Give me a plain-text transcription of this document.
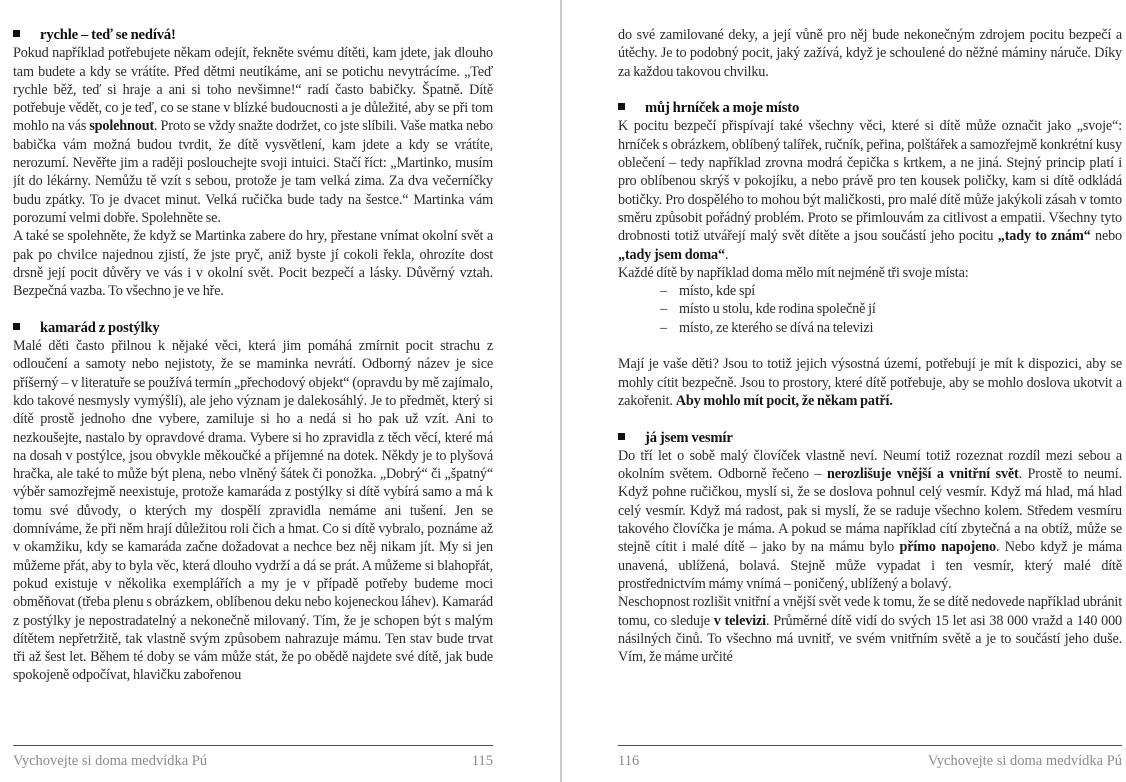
rychle – teď se nedívá!

Pokud například potřebujete někam odejít, řekněte svému dítěti, kam jdete, jak dlouho tam budete a kdy se vrátíte. Před dětmi neutíkáme, ani se potichu nevytrácíme. „Teď rychle běž, teď si hraje a ani si toho nevšimne!“ radí často babičky. Špatně. Dítě potřebuje vědět, co je teď, co se stane v blízké budoucnosti a je důležité, aby se při tom mohlo na vás spolehnout. Proto se vždy snažte dodržet, co jste slíbili. Vaše matka nebo babička vám možná budou tvrdit, že dítě vysvětlení, kam jdete a kdy se vrátíte, nerozumí. Nevěřte jim a raději poslouchejte svoji intuici. Stačí říct: „Martinko, musím jít do lékárny. Nemůžu tě vzít s sebou, protože je tam velká zima. Za dva večerníčky budu zpátky. To je dvacet minut. Velká ručička bude tady na šestce.“ Martinka vám porozumí velmi dobře. Spolehněte se.

A také se spolehněte, že když se Martinka zabere do hry, přestane vnímat okolní svět a pak po chvilce najednou zjistí, že jste pryč, aniž byste jí cokoli řekla, ohrozíte dost drsně její pocit důvěry ve vás i v okolní svět. Pocit bezpečí a lásky. Důvěrný vztah. Bezpečná vazba. To všechno je ve hře.

kamarád z postýlky

Malé děti často přilnou k nějaké věci, která jim pomáhá zmírnit pocit strachu z odloučení a samoty nebo nejistoty, že se maminka nevrátí. Odborný název je sice příšerný – v literatuře se používá termín „přechodový objekt“ (opravdu by mě zajímalo, kdo takové nesmysly vymýšlí), ale jeho význam je dalekosáhlý. Je to předmět, který si dítě prostě jednoho dne vybere, zamiluje si ho a nedá si ho pak už vzít. Ani to nezkoušejte, nastalo by opravdové drama. Vybere si ho zpravidla z těch věcí, které má na dosah v postýlce, jsou obvykle měkoučké a příjemné na dotek. Někdy je to plyšová hračka, ale také to může být plena, nebo vlněný šátek či ponožka. „Dobrý“ či „špatný“ výběr samozřejmě neexistuje, protože kamaráda z postýlky si dítě vybírá samo a má k tomu své důvody, o kterých my dospělí zpravidla nemáme ani tušení. Jen se domníváme, že při něm hrají důležitou roli čich a hmat. Co si dítě vybralo, poznáme až v okamžiku, kdy se kamaráda začne dožadovat a nechce bez něj nikam jít. My si jen můžeme přát, aby to byla věc, která dlouho vydrží a dá se prát. A můžeme si blahopřát, pokud existuje v několika exemplářích a my je v případě potřeby budeme moci obměňovat (třeba plenu s obrázkem, oblíbenou deku nebo kojeneckou láhev). Kamarád z postýlky je nepostradatelný a nekonečně milovaný. Tím, že je schopen být s malým dítětem nepřetržitě, tak vlastně svým způsobem nahrazuje mámu. Ten stav bude trvat tři až šest let. Během té doby se vám může stát, že po obědě najdete své dítě, jak bude spokojeně odpočívat, hlavičku zabořenou

Vychovejte si doma medvídka Pú	115

do své zamilované deky, a její vůně pro něj bude nekonečným zdrojem pocitu bezpečí a útěchy. Je to podobný pocit, jaký zažívá, když je schoulené do něžné máminy náruče. Díky za každou takovou chvilku.

můj hrníček a moje místo

K pocitu bezpečí přispívají také všechny věci, které si dítě může označit jako „svoje“: hrníček s obrázkem, oblíbený talířek, ručník, peřina, polštářek a samozřejmě konkrétní kusy oblečení – tedy například zrovna modrá čepička s krtkem, a ne jiná. Stejný princip platí i pro oblíbenou skrýš v pokojíku, a nebo právě pro ten kousek poličky, kam si dítě odkládá botičky. Pro dospělého to mohou být maličkosti, pro malé dítě může jakýkoli zásah v tomto směru způsobit pořádný problém. Proto se přimlouvám za citlivost a empatii. Všechny tyto drobnosti totiž utvářejí malý svět dítěte a jsou součástí jeho pocitu „tady to znám“ nebo „tady jsem doma“.

Každé dítě by například doma mělo mít nejméně tři svoje místa:

– místo, kde spí
– místo u stolu, kde rodina společně jí
– místo, ze kterého se dívá na televizi

Mají je vaše děti? Jsou to totiž jejich výsostná území, potřebují je mít k dispozici, aby se mohly cítit bezpečně. Jsou to prostory, které dítě potřebuje, aby se mohlo doslova ukotvit a zakořenit. Aby mohlo mít pocit, že někam patří.

já jsem vesmír

Do tří let o sobě malý človíček vlastně neví. Neumí totiž rozeznat rozdíl mezi sebou a okolním světem. Odborně řečeno – nerozlišuje vnější a vnitřní svět. Prostě to neumí. Když pohne ručičkou, myslí si, že se doslova pohnul celý vesmír. Když má hlad, má hlad celý vesmír. Když má radost, pak si myslí, že se raduje všechno kolem. Středem vesmíru takového človíčka je máma. A pokud se máma například cítí zbytečná a na obtíž, může se stejně cítit i malé dítě – jako by na mámu bylo přímo napojeno. Nebo když je máma unavená, ublížená, bolavá. Stejně může vypadat i ten vesmír, který malé dítě prostřednictvím mámy vnímá – poničený, ublížený a bolavý.

Neschopnost rozlišit vnitřní a vnější svět vede k tomu, že se dítě nedovede například ubránit tomu, co sleduje v televizi. Průměrné dítě vidí do svých 15 let asi 38 000 vražd a 140 000 násilných činů. To všechno má uvnitř, ve svém vnitřním světě a je to součástí jeho duše. Vím, že máme určité

116	Vychovejte si doma medvídka Pú
